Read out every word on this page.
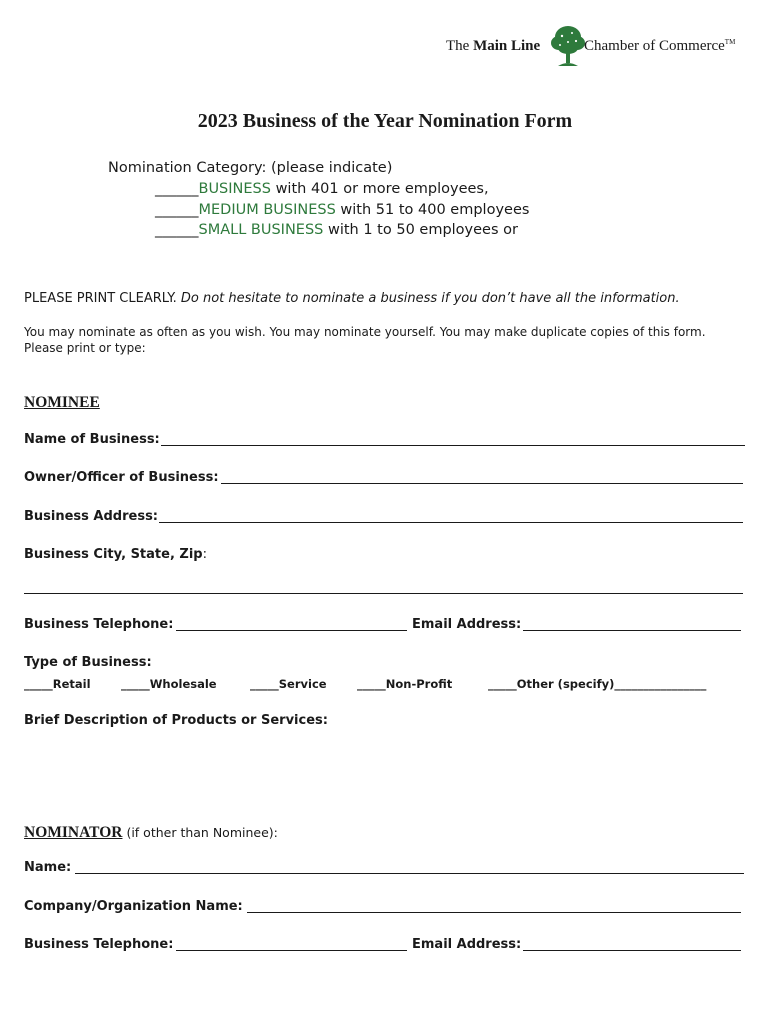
The Main Line	Chamber of Commerce™
2023 Business of the Year Nomination Form
Nomination Category: (please indicate)
______BUSINESS with 401 or more employees,
______MEDIUM BUSINESS with 51 to 400 employees
______SMALL BUSINESS with 1 to 50 employees or
PLEASE PRINT CLEARLY. Do not hesitate to nominate a business if you don’t have all the information.
You may nominate as often as you wish. You may nominate yourself. You may make duplicate copies of this form.
Please print or type:
NOMINEE
Name of Business:
Owner/Officer of Business:
Business Address:
Business City, State, Zip:
Business Telephone:	Email Address:
Type of Business:
_____Retail	_____Wholesale	_____Service	_____Non-Profit	_____Other (specify)________________
Brief Description of Products or Services:
NOMINATOR (if other than Nominee):
Name:
Company/Organization Name:
Business Telephone:	Email Address:
